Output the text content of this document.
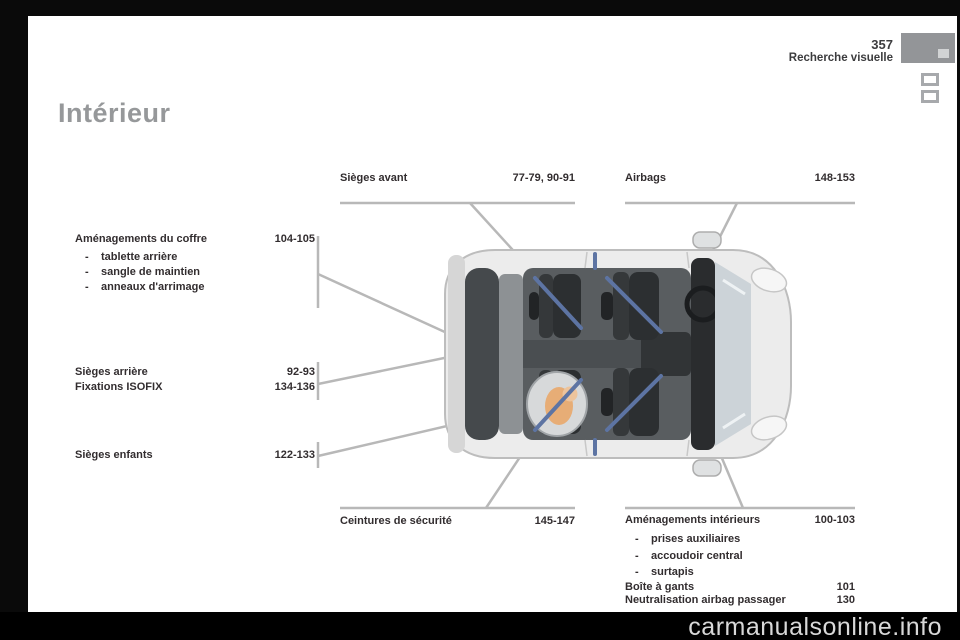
357
Recherche visuelle
Intérieur
Sièges avant	77-79, 90-91	Airbags	148-153
Aménagements du coffre	104-105
-	tablette arrière
-	sangle de maintien
-	anneaux d'arrimage
Sièges arrière	92-93
Fixations ISOFIX	134-136
Sièges enfants	122-133
Ceintures de sécurité	145-147	Aménagements intérieurs	100-103
-	prises auxiliaires
-	accoudoir central
-	surtapis
Boîte à gants	101
Neutralisation airbag passager	130
carmanualsonline.info
